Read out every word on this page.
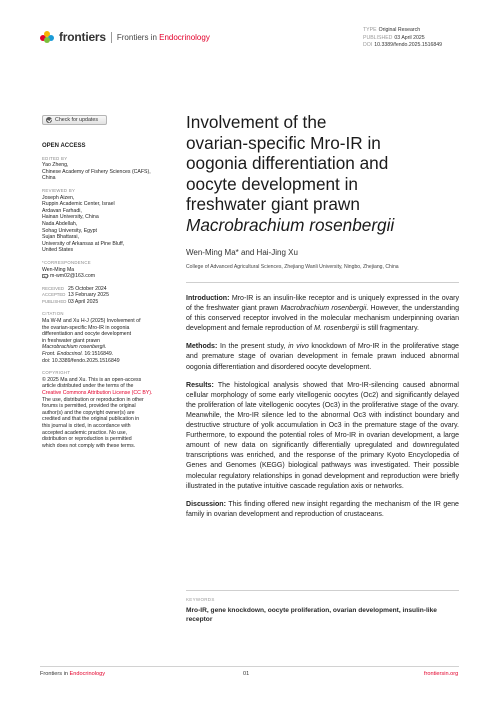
frontiers Frontiers in Endocrinology
TYPE Original Research
PUBLISHED 03 April 2025
DOI 10.3389/fendo.2025.1516849
Check for updates
OPEN ACCESS
EDITED BY
Yao Zheng,
Chinese Academy of Fishery Sciences (CAFS),
China
REVIEWED BY
Joseph Aizen,
Ruppin Academic Center, Israel
Ardavan Farhadi,
Hainan University, China
Nada Abdellah,
Sohag University, Egypt
Sujan Bhattarai,
University of Arkansas at Pine Bluff,
United States
*CORRESPONDENCE
Wen-Ming Ma
m-wm02@163.com
RECEIVED 25 October 2024
ACCEPTED 13 February 2025
PUBLISHED 03 April 2025
CITATION
Ma W-M and Xu H-J (2025) Involvement of
the ovarian-specific Mro-IR in oogonia
differentiation and oocyte development
in freshwater giant prawn
Macrobrachium rosenbergii.
Front. Endocrinol. 16:1516849.
doi: 10.3389/fendo.2025.1516849
COPYRIGHT
© 2025 Ma and Xu. This is an open-access
article distributed under the terms of the
Creative Commons Attribution License (CC BY).
The use, distribution or reproduction in other
forums is permitted, provided the original
author(s) and the copyright owner(s) are
credited and that the original publication in
this journal is cited, in accordance with
accepted academic practice. No use,
distribution or reproduction is permitted
which does not comply with these terms.
Involvement of the
ovarian-specific Mro-IR in
oogonia differentiation and
oocyte development in
freshwater giant prawn
Macrobrachium rosenbergii
Wen-Ming Ma* and Hai-Jing Xu
College of Advanced Agricultural Sciences, Zhejiang Wanli University, Ningbo, Zhejiang, China

Introduction: Mro-IR is an insulin-like receptor and is uniquely expressed in the ovary of the freshwater giant prawn Macrobrachium rosenbergii. However, the understanding of this conserved receptor involved in the molecular mechanism underpinning ovarian development and female reproduction of M. rosenbergii is still fragmentary.

Methods: In the present study, in vivo knockdown of Mro-IR in the proliferative stage and premature stage of ovarian development in female prawn induced abnormal oogonia differentiation and disordered oocyte development.

Results: The histological analysis showed that Mro-IR-silencing caused abnormal cellular morphology of some early vitellogenic oocytes (Oc2) and significantly delayed the proliferation of late vitellogenic oocytes (Oc3) in the proliferative stage of the ovary. Meanwhile, the Mro-IR silence led to the abnormal Oc3 with indistinct boundary and destructive structure of yolk accumulation in Oc3 in the premature stage of the ovary. Furthermore, to expound the potential roles of Mro-IR in ovarian development, a large amount of new data on significantly differentially upregulated and downregulated transcriptions was enriched, and the response of the primary Kyoto Encyclopedia of Genes and Genomes (KEGG) biological pathways was investigated. Their possible molecular regulatory relationships in gonad development and reproduction were briefly illustrated in the putative intuitive cascade regulation axis or networks.

Discussion: This finding offered new insight regarding the mechanism of the IR gene family in ovarian development and reproduction of crustaceans.

KEYWORDS
Mro-IR, gene knockdown, oocyte proliferation, ovarian development, insulin-like receptor
Frontiers in Endocrinology	01	frontiersin.org
